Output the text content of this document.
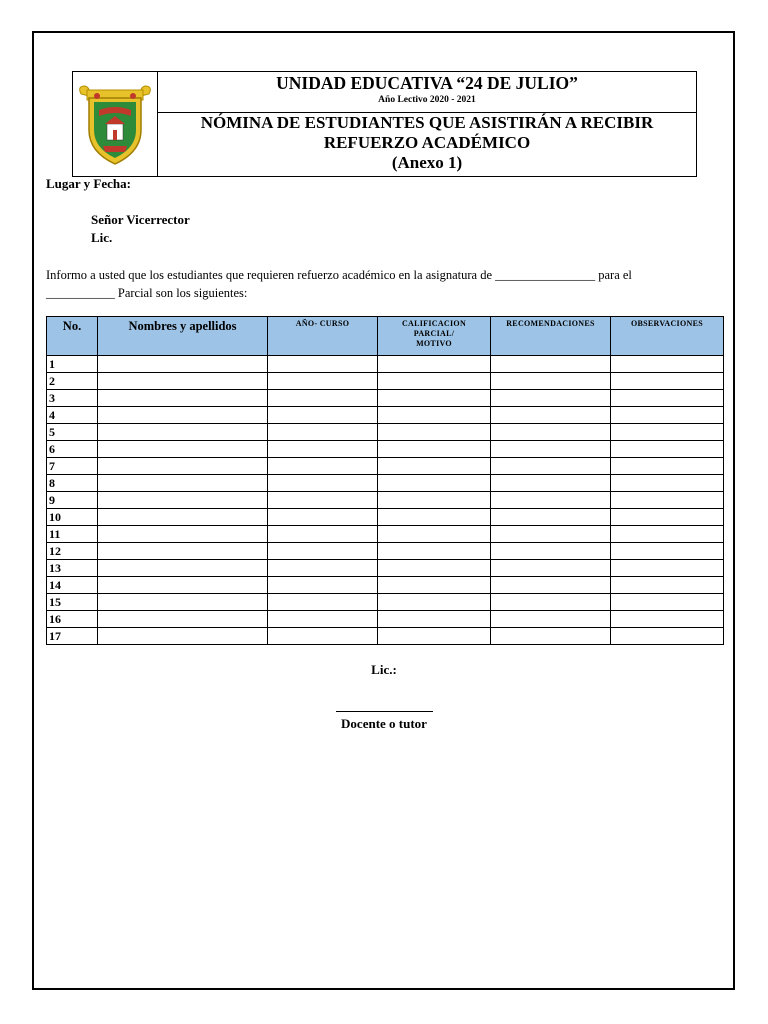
UNIDAD EDUCATIVA “24 DE JULIO”
Año Lectivo 2020 - 2021
NÓMINA DE ESTUDIANTES QUE ASISTIRÁN A RECIBIR
REFUERZO ACADÉMICO
(Anexo 1)
Lugar y Fecha:
Señor Vicerrector
Lic.
Informo a usted que los estudiantes que requieren refuerzo académico en la asignatura de ________________ para el
___________ Parcial son los siguientes:
No.	Nombres y apellidos	AÑO- CURSO	CALIFICACION
PARCIAL/
MOTIVO	RECOMENDACIONES	OBSERVACIONES
1					
2					
3					
4					
5					
6					
7					
8					
9					
10					
11					
12					
13					
14					
15					
16					
17					
Lic.:
Docente o tutor
